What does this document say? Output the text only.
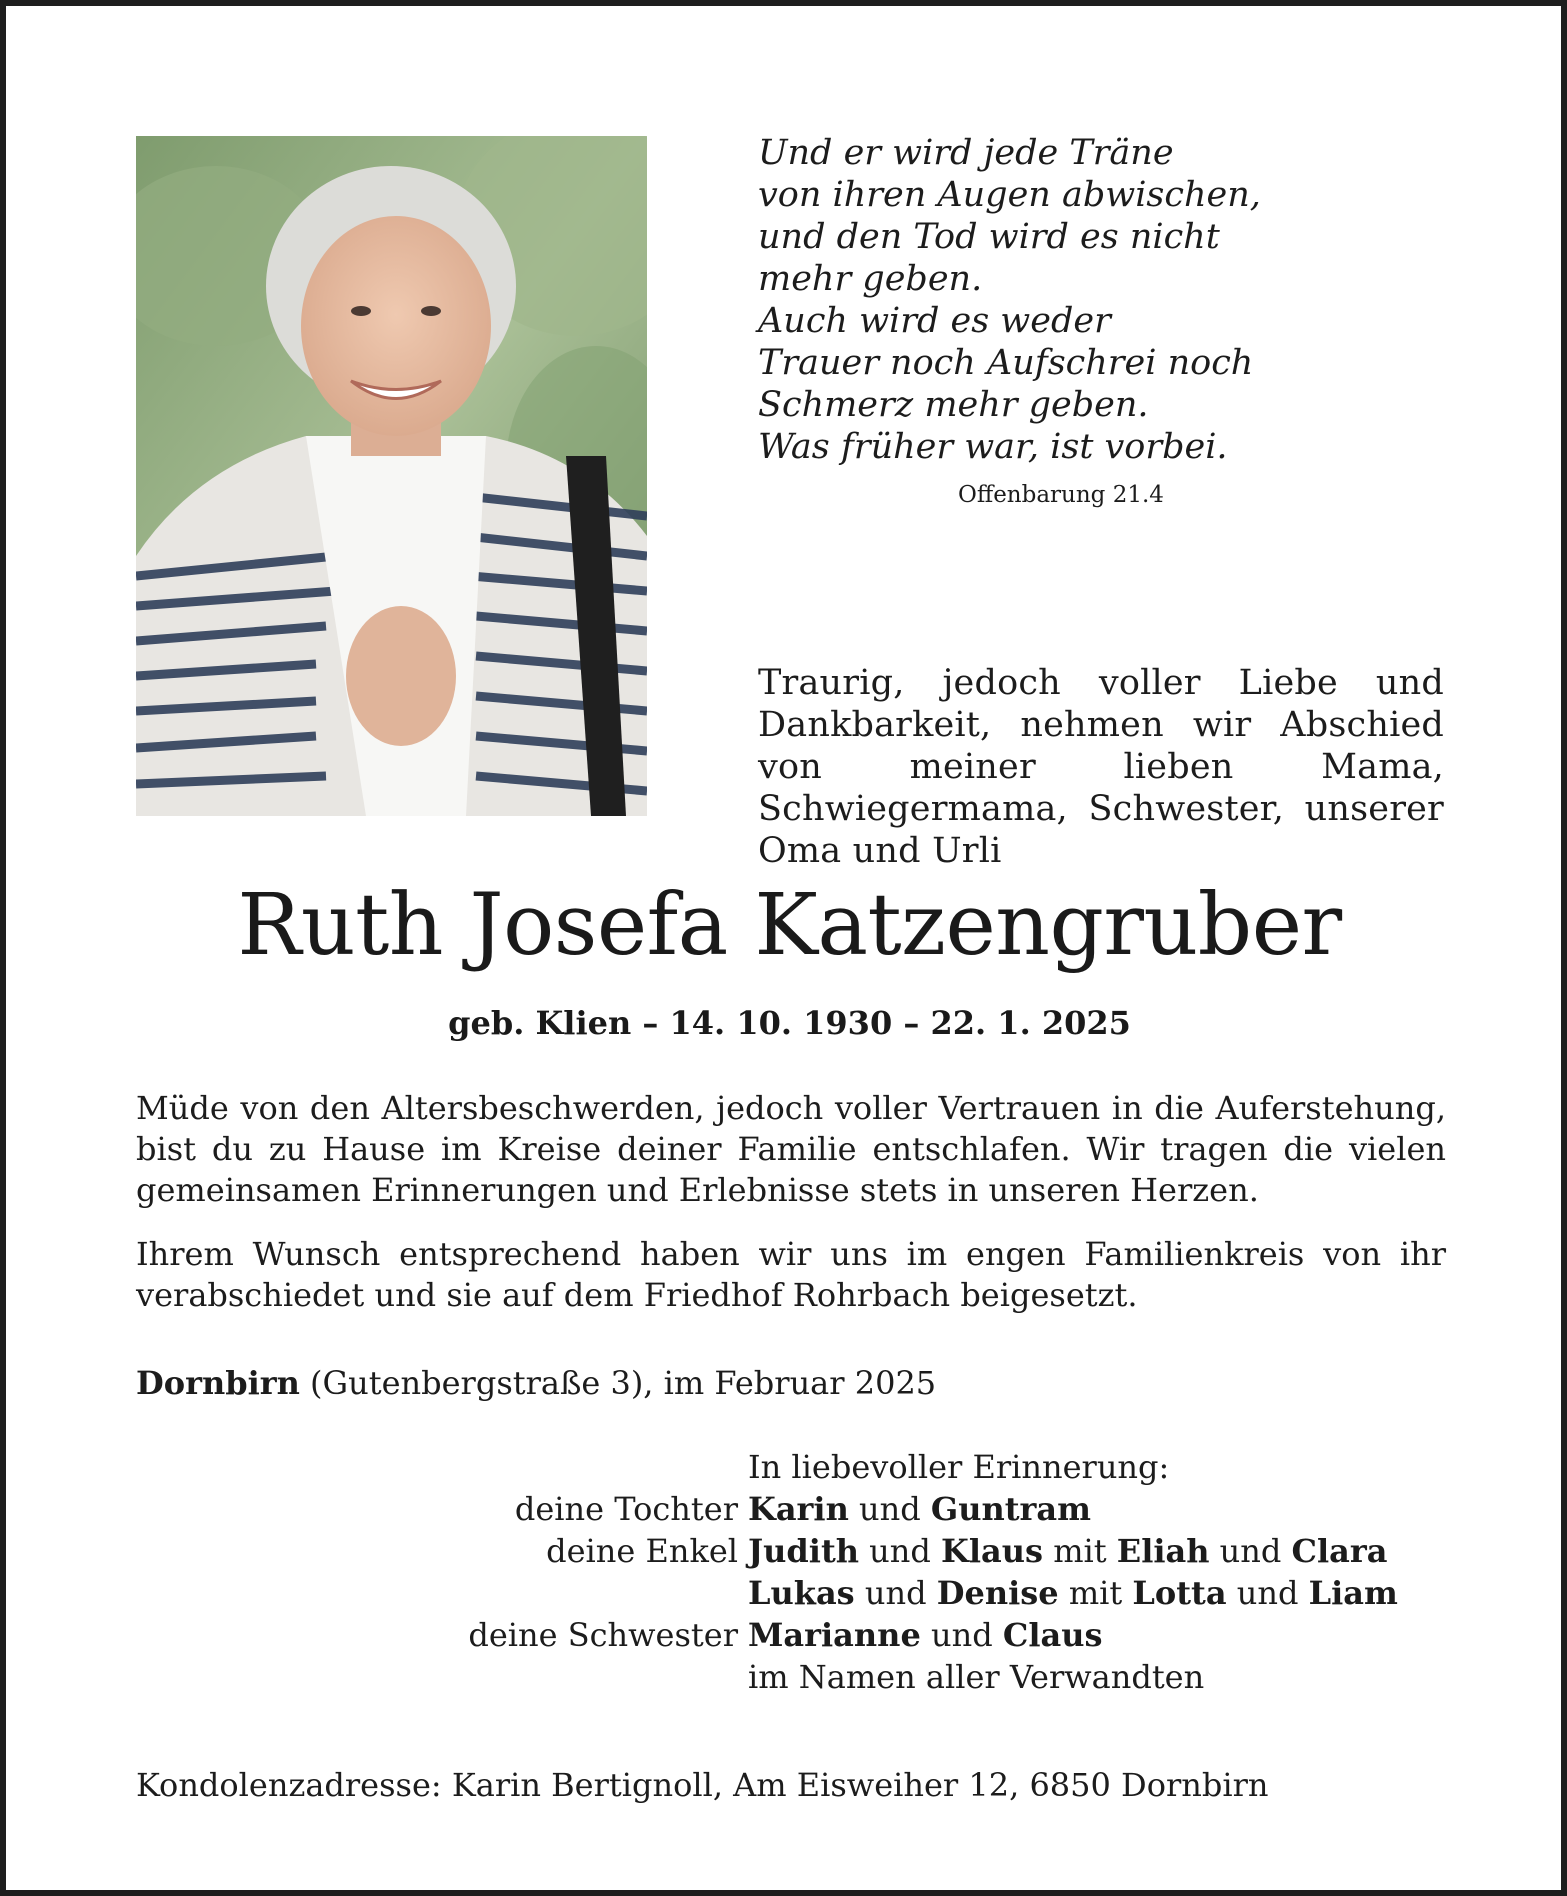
Und er wird jede Träne
von ihren Augen abwischen,
und den Tod wird es nicht
mehr geben.
Auch wird es weder
Trauer noch Aufschrei noch
Schmerz mehr geben.
Was früher war, ist vorbei.
Offenbarung 21.4
Traurig, jedoch voller Liebe und Dankbarkeit, nehmen wir Abschied von meiner lieben Mama, Schwiegermama, Schwester, unserer Oma und Urli
Ruth Josefa Katzengruber
geb. Klien – 14. 10. 1930 – 22. 1. 2025
Müde von den Altersbeschwerden, jedoch voller Vertrauen in die Auferstehung, bist du zu Hause im Kreise deiner Familie entschlafen. Wir tragen die vielen gemeinsamen Erinnerungen und Erlebnisse stets in unseren Herzen.
Ihrem Wunsch entsprechend haben wir uns im engen Familienkreis von ihr verabschiedet und sie auf dem Friedhof Rohrbach beigesetzt.
Dornbirn (Gutenbergstraße 3), im Februar 2025
In liebevoller Erinnerung:
deine Tochter Karin und Guntram
deine Enkel Judith und Klaus mit Eliah und Clara
Lukas und Denise mit Lotta und Liam
deine Schwester Marianne und Claus
im Namen aller Verwandten
Kondolenzadresse: Karin Bertignoll, Am Eisweiher 12, 6850 Dornbirn
